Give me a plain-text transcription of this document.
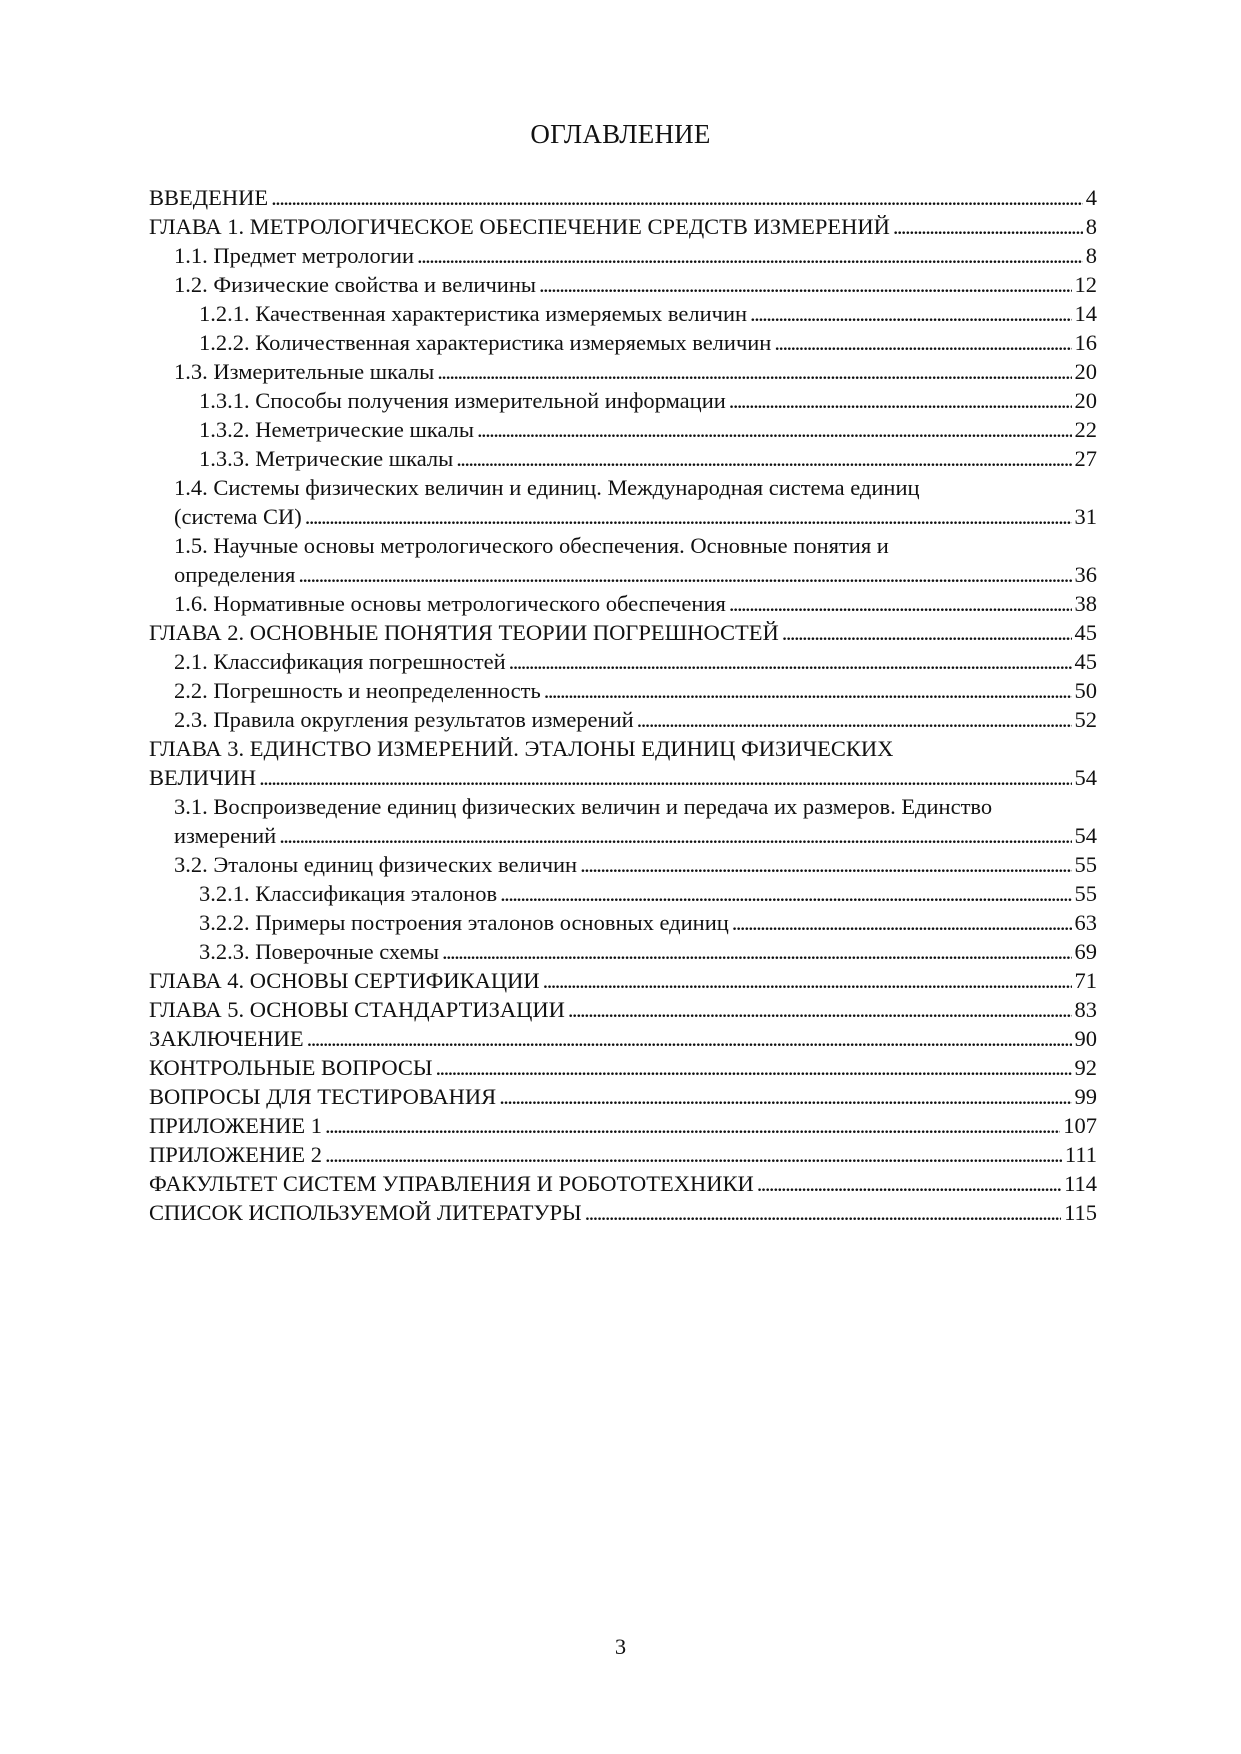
ОГЛАВЛЕНИЕ
ВВЕДЕНИЕ . . .	4
ГЛАВА 1. МЕТРОЛОГИЧЕСКОЕ ОБЕСПЕЧЕНИЕ СРЕДСТВ ИЗМЕРЕНИЙ . . .	8
1.1. Предмет метрологии . . .	8
1.2. Физические свойства и величины . . .	12
1.2.1. Качественная характеристика измеряемых величин . . .	14
1.2.2. Количественная характеристика измеряемых величин . . .	16
1.3. Измерительные шкалы . . .	20
1.3.1. Способы получения измерительной информации . . .	20
1.3.2. Неметрические шкалы . . .	22
1.3.3. Метрические шкалы . . .	27
1.4. Системы физических величин и единиц. Международная система единиц
(система СИ) . . .	31
1.5. Научные основы метрологического обеспечения. Основные понятия и
определения . . .	36
1.6. Нормативные основы метрологического обеспечения . . .	38
ГЛАВА 2. ОСНОВНЫЕ ПОНЯТИЯ ТЕОРИИ ПОГРЕШНОСТЕЙ . . .	45
2.1. Классификация погрешностей . . .	45
2.2. Погрешность и неопределенность . . .	50
2.3. Правила округления результатов измерений . . .	52
ГЛАВА 3. ЕДИНСТВО ИЗМЕРЕНИЙ. ЭТАЛОНЫ ЕДИНИЦ ФИЗИЧЕСКИХ
ВЕЛИЧИН . . .	54
3.1. Воспроизведение единиц физических величин и передача их размеров. Единство
измерений . . .	54
3.2. Эталоны единиц физических величин . . .	55
3.2.1. Классификация эталонов . . .	55
3.2.2. Примеры построения эталонов основных единиц . . .	63
3.2.3. Поверочные схемы . . .	69
ГЛАВА 4. ОСНОВЫ СЕРТИФИКАЦИИ . . .	71
ГЛАВА 5. ОСНОВЫ СТАНДАРТИЗАЦИИ . . .	83
ЗАКЛЮЧЕНИЕ . . .	90
КОНТРОЛЬНЫЕ ВОПРОСЫ . . .	92
ВОПРОСЫ ДЛЯ ТЕСТИРОВАНИЯ . . .	99
ПРИЛОЖЕНИЕ 1 . . .	107
ПРИЛОЖЕНИЕ 2 . . .	111
ФАКУЛЬТЕТ СИСТЕМ УПРАВЛЕНИЯ И РОБОТОТЕХНИКИ . . .	114
СПИСОК ИСПОЛЬЗУЕМОЙ ЛИТЕРАТУРЫ . . .	115
3
